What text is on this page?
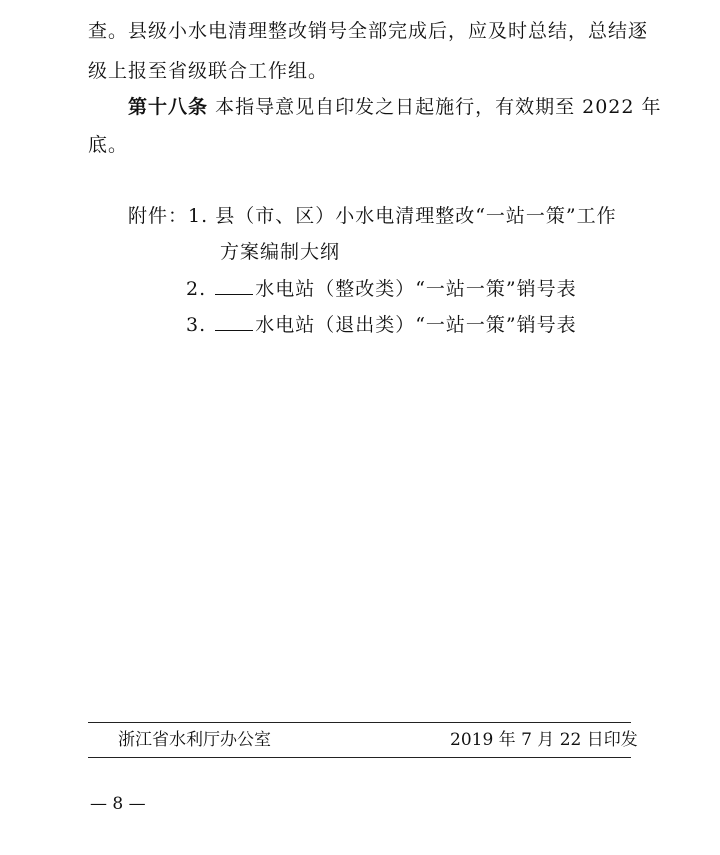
查。县级小水电清理整改销号全部完成后，应及时总结，总结逐
级上报至省级联合工作组。
第十八条 本指导意见自印发之日起施行，有效期至 2022 年
底。
附件：1. 县（市、区）小水电清理整改“一站一策”工作
方案编制大纲
2.	水电站（整改类）“一站一策”销号表
3.	水电站（退出类）“一站一策”销号表
浙江省水利厅办公室	2019 年 7 月 22 日印发
— 8 —
